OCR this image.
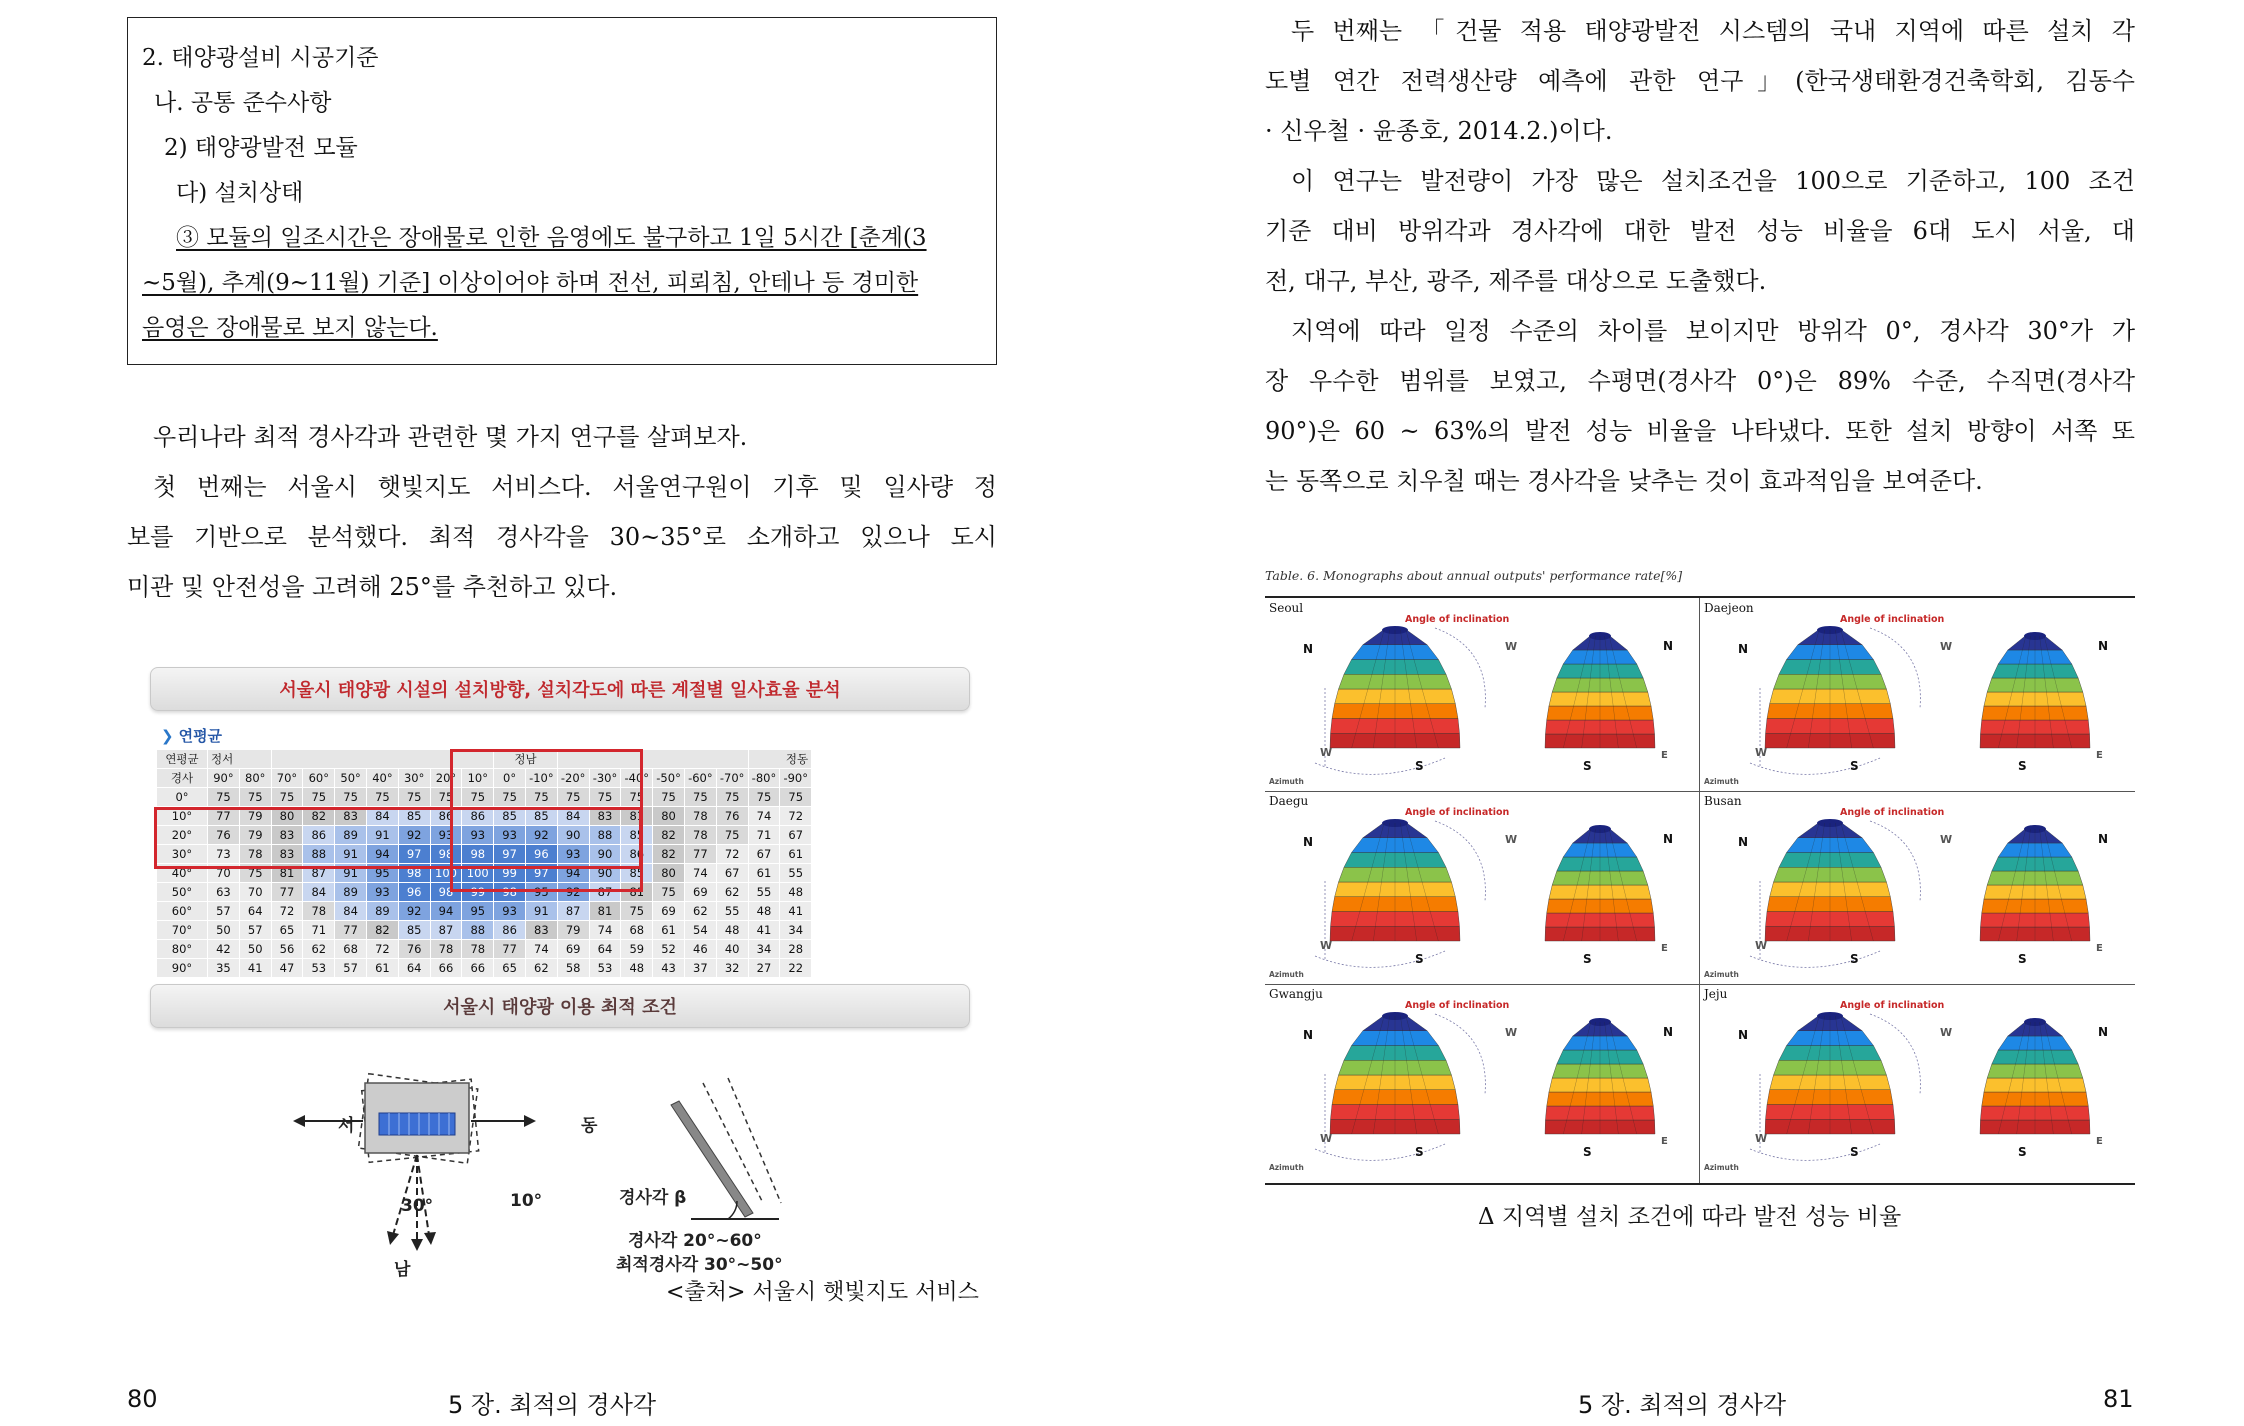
2. 태양광설비 시공기준

나. 공통 준수사항

2) 태양광발전 모듈

다) 설치상태

③ 모듈의 일조시간은 장애물로 인한 음영에도 불구하고 1일 5시간 [춘계(3

~5월), 추계(9~11월) 기준] 이상이어야 하며 전선, 피뢰침, 안테나 등 경미한

음영은 장애물로 보지 않는다.

우리나라 최적 경사각과 관련한 몇 가지 연구를 살펴보자.

첫 번째는 서울시 햇빛지도 서비스다. 서울연구원이 기후 및 일사량 정

보를 기반으로 분석했다. 최적 경사각을 30~35°로 소개하고 있으나 도시

미관 및 안전성을 고려해 25°를 추천하고 있다.

서울시 태양광 시설의 설치방향, 설치각도에 따른 계절별 일사효율 분석
❯ 연평균
연평균	정서									정남								정동	
경사	90°	80°	70°	60°	50°	40°	30°	20°	10°	0°	-10°	-20°	-30°	-40°	-50°	-60°	-70°	-80°	-90°
0°	75	75	75	75	75	75	75	75	75	75	75	75	75	75	75	75	75	75	75
10°	77	79	80	82	83	84	85	86	86	85	85	84	83	81	80	78	76	74	72
20°	76	79	83	86	89	91	92	93	93	93	92	90	88	85	82	78	75	71	67
30°	73	78	83	88	91	94	97	98	98	97	96	93	90	86	82	77	72	67	61
40°	70	75	81	87	91	95	98	100	100	99	97	94	90	85	80	74	67	61	55
50°	63	70	77	84	89	93	96	98	99	98	95	92	87	81	75	69	62	55	48
60°	57	64	72	78	84	89	92	94	95	93	91	87	81	75	69	62	55	48	41
70°	50	57	65	71	77	82	85	87	88	86	83	79	74	68	61	54	48	41	34
80°	42	50	56	62	68	72	76	78	78	77	74	69	64	59	52	46	40	34	28
90°	35	41	47	53	57	61	64	66	66	65	62	58	53	48	43	37	32	27	22
서울시 태양광 이용 최적 조건
서	동
남
30°	10°	경사각 β
경사각 20°~60°
최적경사각 30°~50°
<출처> 서울시 햇빛지도 서비스
80	5 장. 최적의 경사각

두 번째는 「건물 적용 태양광발전 시스템의 국내 지역에 따른 설치 각

도별 연간 전력생산량 예측에 관한 연구」(한국생태환경건축학회, 김동수

· 신우철 · 윤종호, 2014.2.)이다.

이 연구는 발전량이 가장 많은 설치조건을 100으로 기준하고, 100 조건

기준 대비 방위각과 경사각에 대한 발전 성능 비율을 6대 도시 서울, 대

전, 대구, 부산, 광주, 제주를 대상으로 도출했다.

지역에 따라 일정 수준의 차이를 보이지만 방위각 0°, 경사각 30°가 가

장 우수한 범위를 보였고, 수평면(경사각 0°)은 89% 수준, 수직면(경사각

90°)은 60 ~ 63%의 발전 성능 비율을 나타냈다. 또한 설치 방향이 서쪽 또

는 동쪽으로 치우칠 때는 경사각을 낮추는 것이 효과적임을 보여준다.

Table. 6. Monographs about annual outputs' performance rate[%]
Seoul
Angle of inclination
N
S
W
Azimuth
W	N
S
E
Daejeon
Angle of inclination
N
S
W
Azimuth
W	N
S
E
Daegu
Angle of inclination
N
S
W
Azimuth
W	N
S
E
Busan
Angle of inclination
N
S
W
Azimuth
W	N
S
E
Gwangju
Angle of inclination
N
S
W
Azimuth
W	N
S
E
Jeju
Angle of inclination
N
S
W
Azimuth
W	N
S
E
Δ 지역별 설치 조건에 따라 발전 성능 비율
5 장. 최적의 경사각	81
